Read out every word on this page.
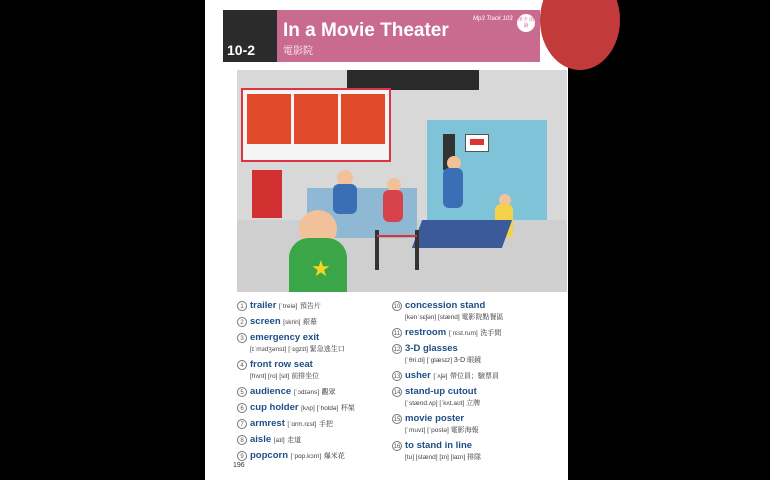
10-2
In a Movie Theater
電影院
Mp3 Track 103 單字 朗讀
★
1 trailer [ˈtrelə] 預告片
2 screen [skrin] 銀幕
3 emergency exit
[ɪˈmɜdʒənsɪ] [ˈɛgzɪt] 緊急逃生口
4 front row seat
[frʌnt] [ro] [sit] 前排坐位
5 audience [ˈɔdɪəns] 觀眾
6 cup holder [kʌp] [ˈholdə] 杯架
7 armrest [ˈɑrm.rɛst] 手把
8 aisle [aɪl] 走道
9 popcorn [ˈpɑp.kɔrn] 爆米花
10 concession stand
[kənˈsɛʃən] [stænd] 電影院點餐區
11 restroom [ˈrɛst.rum] 洗手間
12 3-D glasses
[ˈθri.di] [ˈglæsɪz] 3-D 眼鏡
13 usher [ˈʌʃə] 帶位員；驗票員
14 stand-up cutout
[ˈstænd.ʌp] [ˈkʌt.aʊt] 立牌
15 movie poster
[ˈmuvɪ] [ˈpostə] 電影海報
16 to stand in line
[tu] [stænd] [ɪn] [laɪn] 排隊
196
